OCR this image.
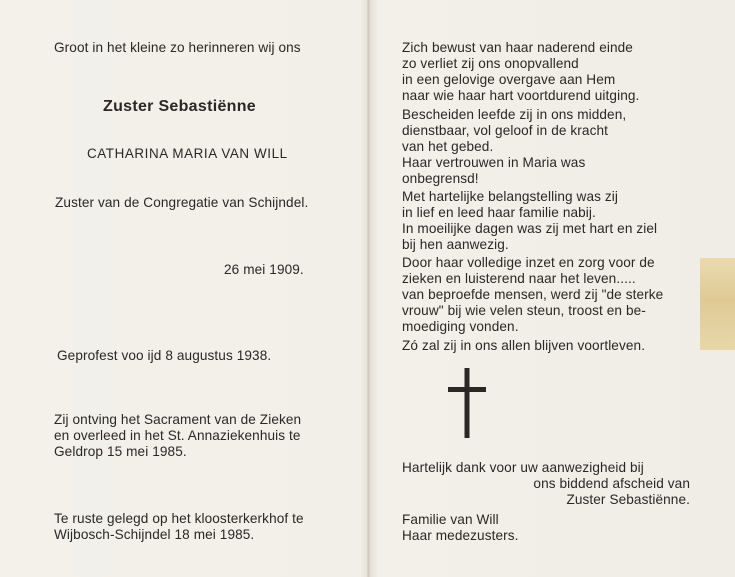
Groot in het kleine zo herinneren wij ons
Zuster Sebastiënne
CATHARINA MARIA VAN WILL
Zuster van de Congregatie van Schijndel.
26 mei 1909.
Geprofest voo ijd 8 augustus 1938.
Zij ontving het Sacrament van de Zieken
en overleed in het St. Annaziekenhuis te
Geldrop 15 mei 1985.
Te ruste gelegd op het kloosterkerkhof te
Wijbosch-Schijndel 18 mei 1985.
Zich bewust van haar naderend einde
zo verliet zij ons onopvallend
in een gelovige overgave aan Hem
naar wie haar hart voortdurend uitging.
Bescheiden leefde zij in ons midden,
dienstbaar, vol geloof in de kracht
van het gebed.
Haar vertrouwen in Maria was
onbegrensd!
Met hartelijke belangstelling was zij
in lief en leed haar familie nabij.
In moeilijke dagen was zij met hart en ziel
bij hen aanwezig.
Door haar volledige inzet en zorg voor de
zieken en luisterend naar het leven.....
van beproefde mensen, werd zij "de sterke
vrouw" bij wie velen steun, troost en be-
moediging vonden.
Zó zal zij in ons allen blijven voortleven.
Hartelijk dank voor uw aanwezigheid bij
ons biddend afscheid van
Zuster Sebastiënne.
Familie van Will
Haar medezusters.
